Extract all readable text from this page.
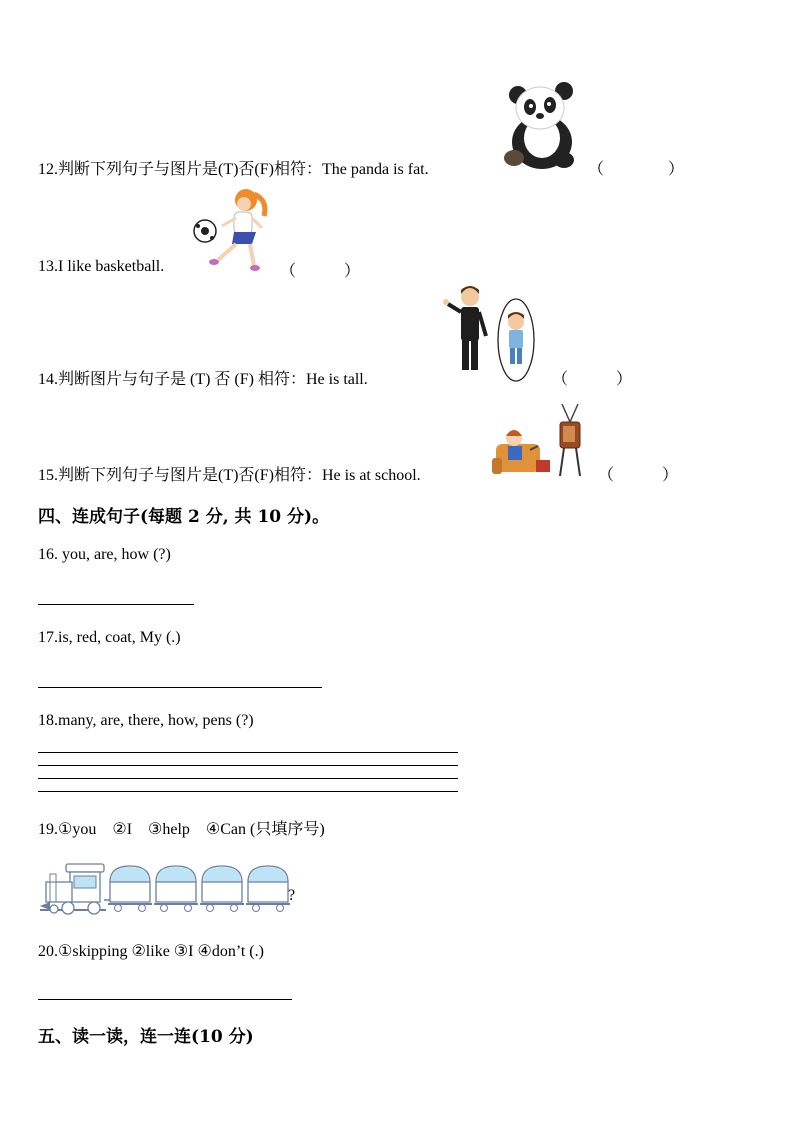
12.判断下列句子与图片是(T)否(F)相符：The panda is fat.	（　　　　）
13.I like basketball.	（　　　）
14.判断图片与句子是 (T) 否 (F) 相符：He is tall.	（　　　）
15.判断下列句子与图片是(T)否(F)相符：He is at school.	（　　　）
四、连成句子(每题 2 分, 共 10 分)。
16. you, are, how (?)
17.is, red, coat, My (.)
18.many, are, there, how, pens (?)
19.①you　②I　③help　④Can (只填序号)
?
20.①skipping ②like ③I ④don’t (.)
五、读一读，连一连(10 分)
